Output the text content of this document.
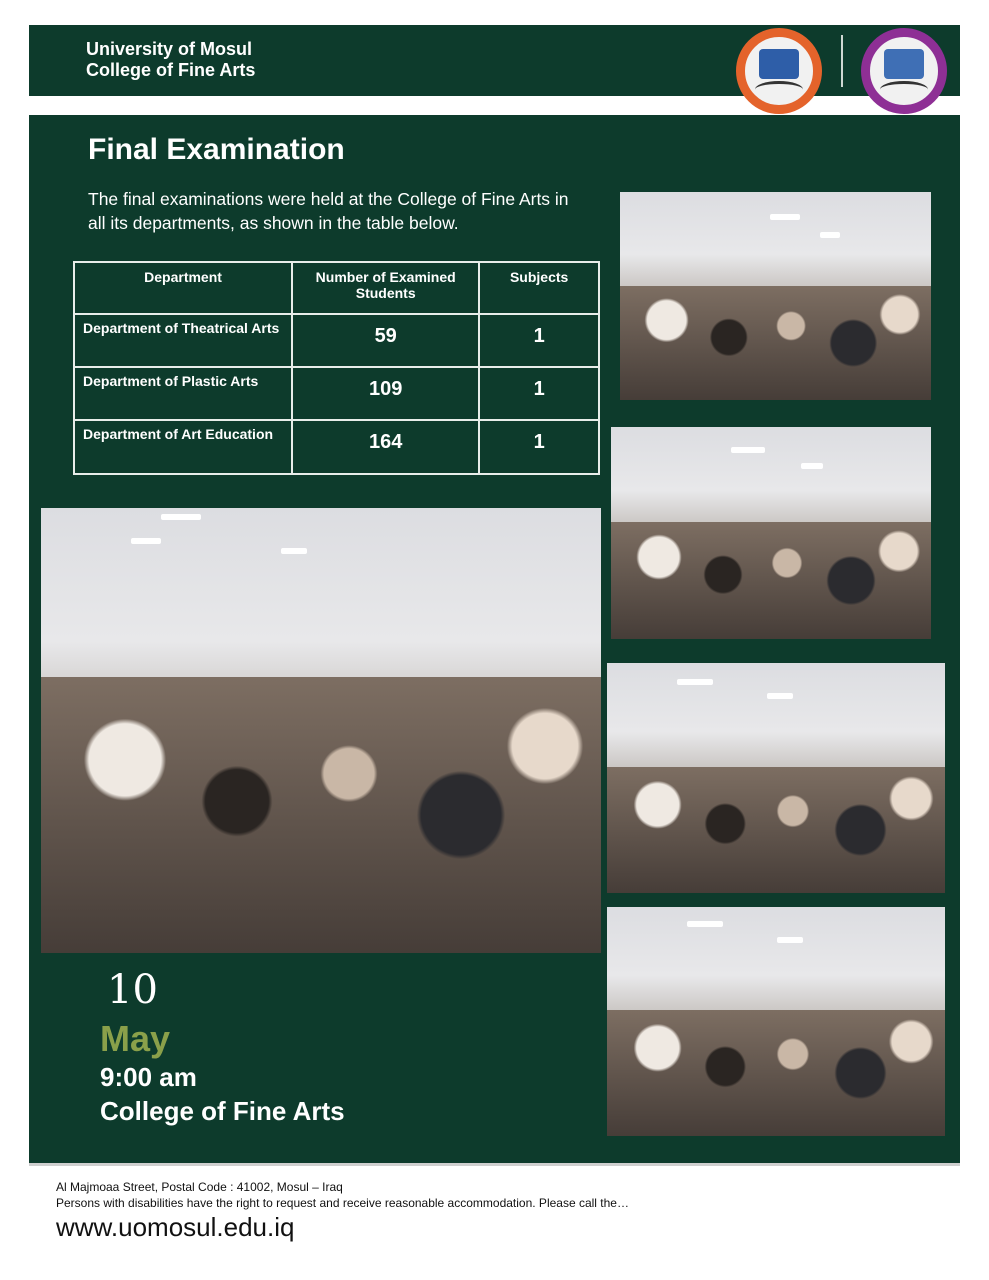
University of Mosul
College of Fine Arts
Final Examination
The final examinations were held at the College of Fine Arts in all its departments, as shown in the table below.
Department	Number of Examined Students	Subjects
Department of Theatrical Arts	59	1
Department of Plastic Arts	109	1
Department of Art Education	164	1
10
May
9:00 am
College of Fine Arts
Al Majmoaa Street, Postal Code : 41002, Mosul – Iraq
Persons with disabilities have the right to request and receive reasonable accommodation. Please call the…
www.uomosul.edu.iq
